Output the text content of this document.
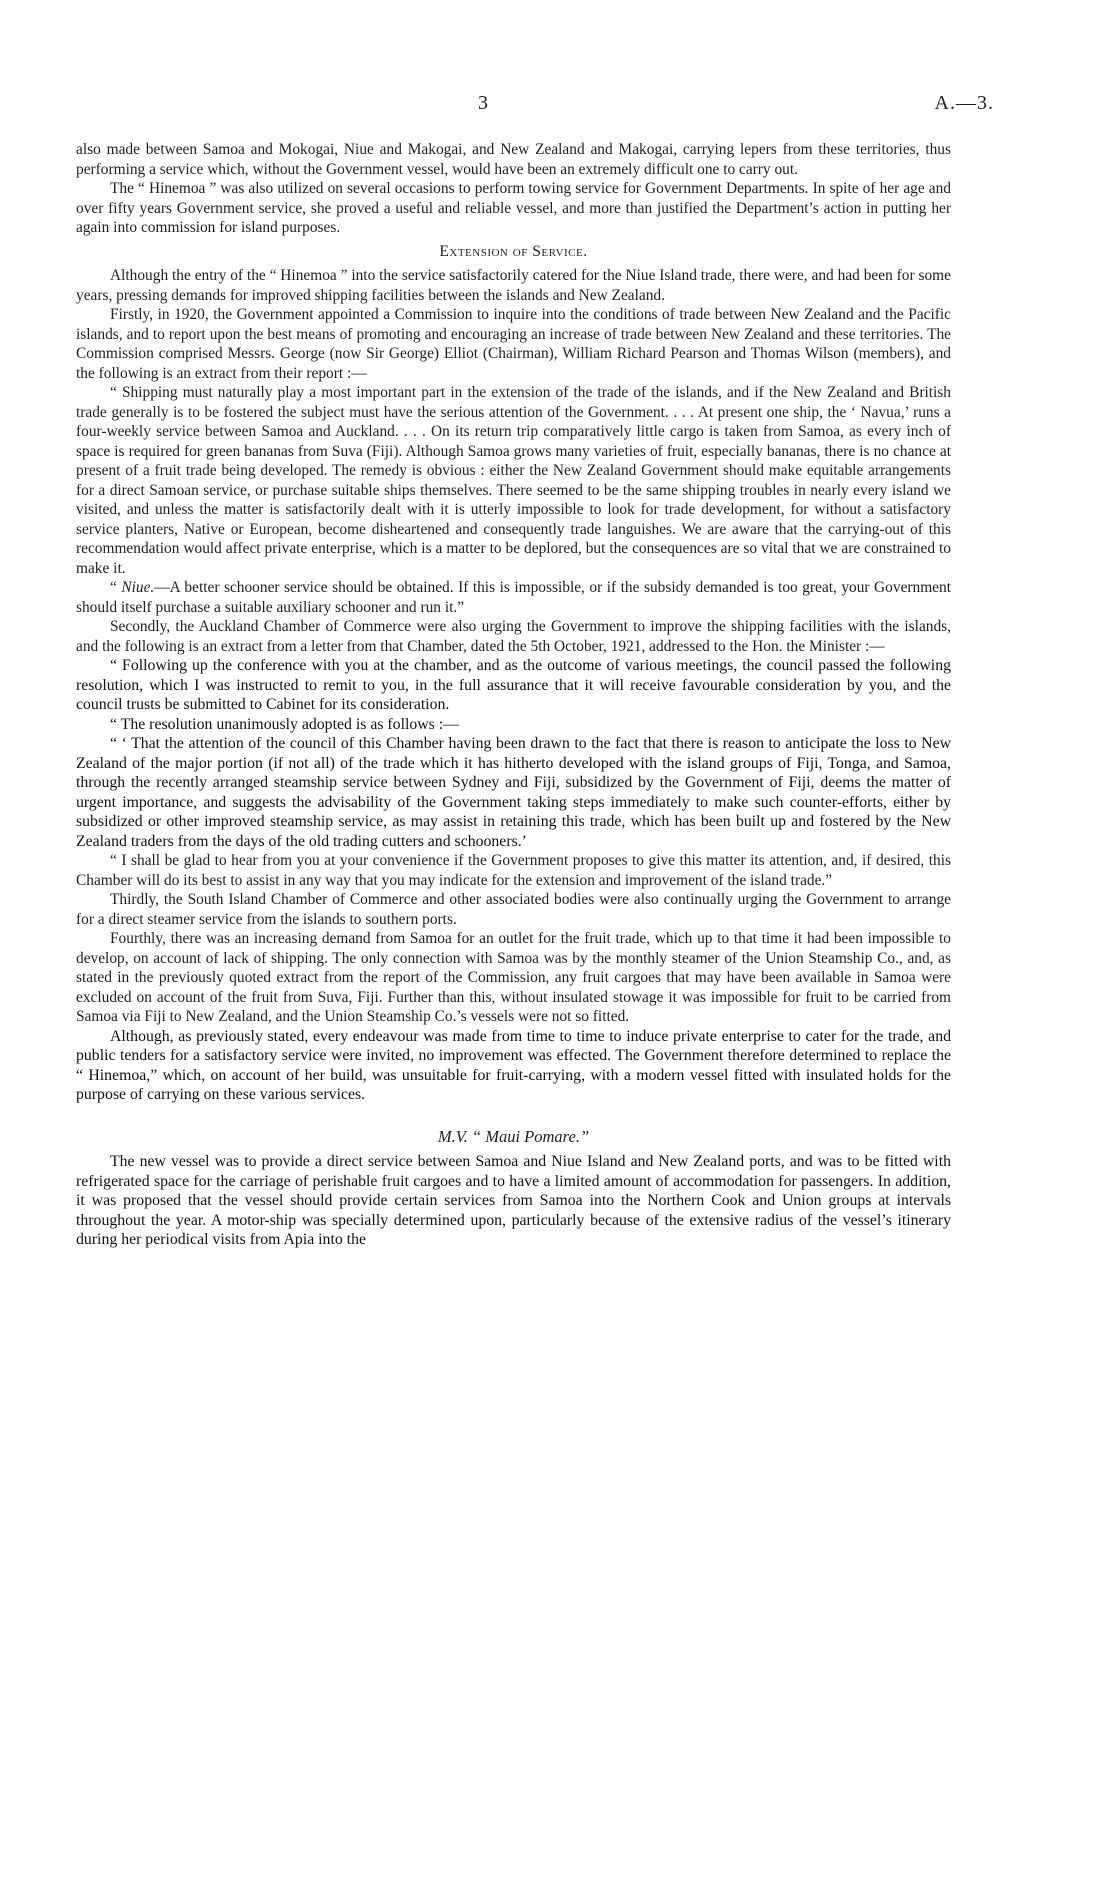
3	A.—3.

also made between Samoa and Mokogai, Niue and Makogai, and New Zealand and Makogai, carrying lepers from these territories, thus performing a service which, without the Government vessel, would have been an extremely difficult one to carry out.

The “ Hinemoa ” was also utilized on several occasions to perform towing service for Government Departments. In spite of her age and over fifty years Government service, she proved a useful and reliable vessel, and more than justified the Department’s action in putting her again into commission for island purposes.

Extension of Service.

Although the entry of the “ Hinemoa ” into the service satisfactorily catered for the Niue Island trade, there were, and had been for some years, pressing demands for improved shipping facilities between the islands and New Zealand.

Firstly, in 1920, the Government appointed a Commission to inquire into the conditions of trade between New Zealand and the Pacific islands, and to report upon the best means of promoting and encouraging an increase of trade between New Zealand and these territories. The Commission comprised Messrs. George (now Sir George) Elliot (Chairman), William Richard Pearson and Thomas Wilson (members), and the following is an extract from their report :—

“ Shipping must naturally play a most important part in the extension of the trade of the islands, and if the New Zealand and British trade generally is to be fostered the subject must have the serious attention of the Government. . . . At present one ship, the ‘ Navua,’ runs a four-weekly service between Samoa and Auckland. . . . On its return trip comparatively little cargo is taken from Samoa, as every inch of space is required for green bananas from Suva (Fiji). Although Samoa grows many varieties of fruit, especially bananas, there is no chance at present of a fruit trade being developed. The remedy is obvious : either the New Zealand Government should make equitable arrangements for a direct Samoan service, or purchase suitable ships themselves. There seemed to be the same shipping troubles in nearly every island we visited, and unless the matter is satisfactorily dealt with it is utterly impossible to look for trade development, for without a satisfactory service planters, Native or European, become disheartened and consequently trade languishes. We are aware that the carrying-out of this recommendation would affect private enterprise, which is a matter to be deplored, but the consequences are so vital that we are constrained to make it.

“ Niue.—A better schooner service should be obtained. If this is impossible, or if the subsidy demanded is too great, your Government should itself purchase a suitable auxiliary schooner and run it.”

Secondly, the Auckland Chamber of Commerce were also urging the Government to improve the shipping facilities with the islands, and the following is an extract from a letter from that Chamber, dated the 5th October, 1921, addressed to the Hon. the Minister :—

“ Following up the conference with you at the chamber, and as the outcome of various meetings, the council passed the following resolution, which I was instructed to remit to you, in the full assurance that it will receive favourable consideration by you, and the council trusts be submitted to Cabinet for its consideration.

“ The resolution unanimously adopted is as follows :—

“ ‘ That the attention of the council of this Chamber having been drawn to the fact that there is reason to anticipate the loss to New Zealand of the major portion (if not all) of the trade which it has hitherto developed with the island groups of Fiji, Tonga, and Samoa, through the recently arranged steamship service between Sydney and Fiji, subsidized by the Government of Fiji, deems the matter of urgent importance, and suggests the advisability of the Government taking steps immediately to make such counter-efforts, either by subsidized or other improved steamship service, as may assist in retaining this trade, which has been built up and fostered by the New Zealand traders from the days of the old trading cutters and schooners.’

“ I shall be glad to hear from you at your convenience if the Government proposes to give this matter its attention, and, if desired, this Chamber will do its best to assist in any way that you may indicate for the extension and improvement of the island trade.”

Thirdly, the South Island Chamber of Commerce and other associated bodies were also continually urging the Government to arrange for a direct steamer service from the islands to southern ports.

Fourthly, there was an increasing demand from Samoa for an outlet for the fruit trade, which up to that time it had been impossible to develop, on account of lack of shipping. The only connection with Samoa was by the monthly steamer of the Union Steamship Co., and, as stated in the previously quoted extract from the report of the Commission, any fruit cargoes that may have been available in Samoa were excluded on account of the fruit from Suva, Fiji. Further than this, without insulated stowage it was impossible for fruit to be carried from Samoa via Fiji to New Zealand, and the Union Steamship Co.’s vessels were not so fitted.

Although, as previously stated, every endeavour was made from time to time to induce private enterprise to cater for the trade, and public tenders for a satisfactory service were invited, no improvement was effected. The Government therefore determined to replace the “ Hinemoa,” which, on account of her build, was unsuitable for fruit-carrying, with a modern vessel fitted with insulated holds for the purpose of carrying on these various services.

M.V. “ Maui Pomare.”

The new vessel was to provide a direct service between Samoa and Niue Island and New Zealand ports, and was to be fitted with refrigerated space for the carriage of perishable fruit cargoes and to have a limited amount of accommodation for passengers. In addition, it was proposed that the vessel should provide certain services from Samoa into the Northern Cook and Union groups at intervals throughout the year. A motor-ship was specially determined upon, particularly because of the extensive radius of the vessel’s itinerary during her periodical visits from Apia into the
